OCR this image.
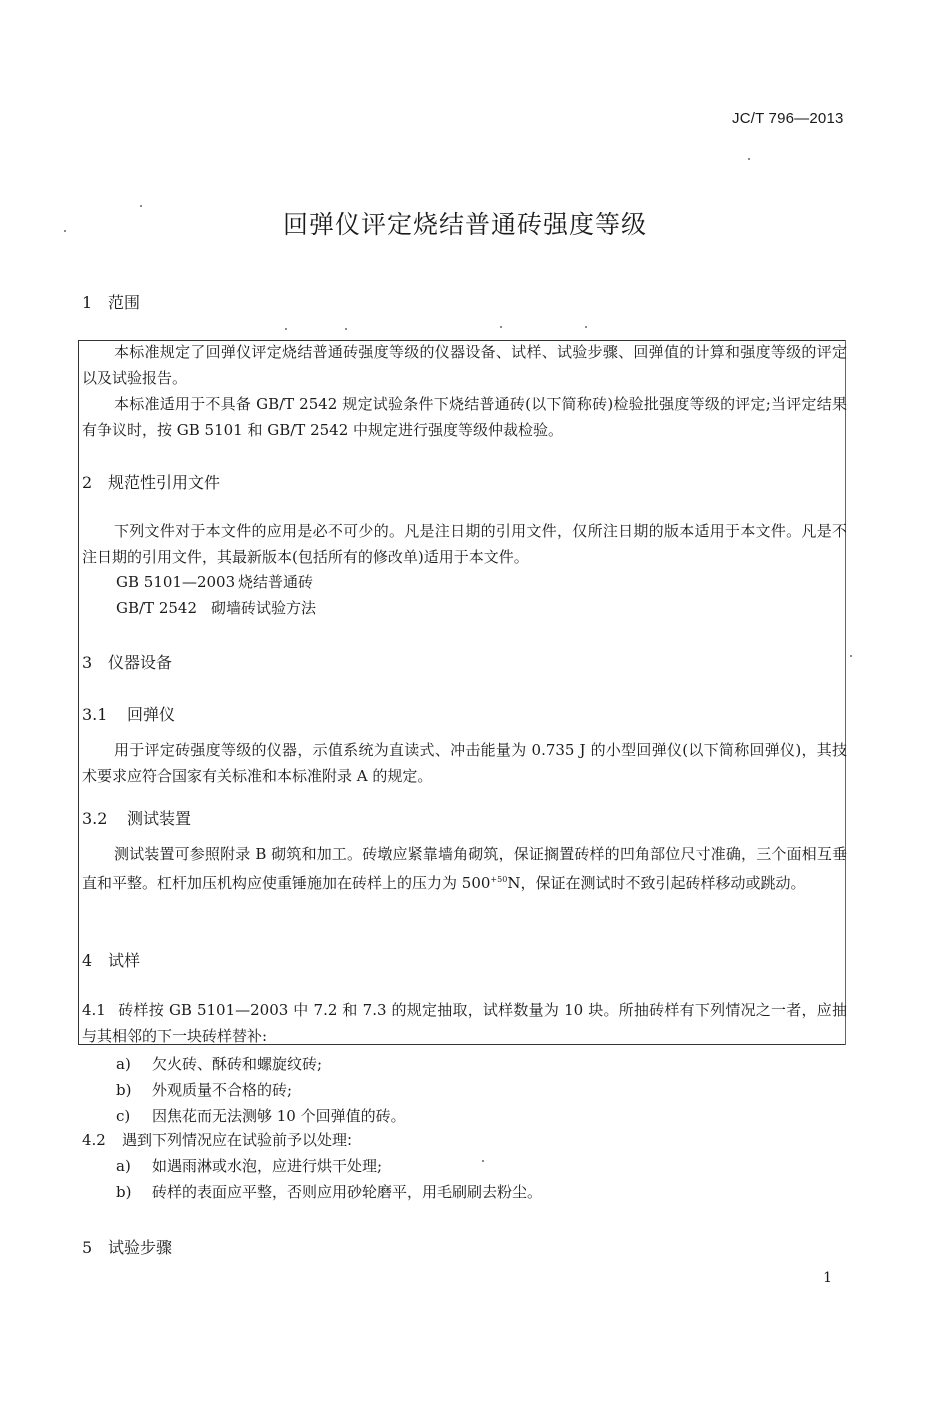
JC/T 796—2013
回弹仪评定烧结普通砖强度等级
1 范围
本标准规定了回弹仪评定烧结普通砖强度等级的仪器设备、试样、试验步骤、回弹值的计算和强度等级的评定以及试验报告。
本标准适用于不具备 GB/T 2542 规定试验条件下烧结普通砖(以下简称砖)检验批强度等级的评定;当评定结果有争议时，按 GB 5101 和 GB/T 2542 中规定进行强度等级仲裁检验。
2 规范性引用文件
下列文件对于本文件的应用是必不可少的。凡是注日期的引用文件，仅所注日期的版本适用于本文件。凡是不注日期的引用文件，其最新版本(包括所有的修改单)适用于本文件。
GB 5101—2003 烧结普通砖
GB/T 2542 砌墙砖试验方法
3 仪器设备
3.1 回弹仪
用于评定砖强度等级的仪器，示值系统为直读式、冲击能量为 0.735 J 的小型回弹仪(以下简称回弹仪)，其技术要求应符合国家有关标准和本标准附录 A 的规定。
3.2 测试装置
测试装置可参照附录 B 砌筑和加工。砖墩应紧靠墙角砌筑，保证搁置砖样的凹角部位尺寸准确，三个面相互垂直和平整。杠杆加压机构应使重锤施加在砖样上的压力为 $500^{+50}N$，保证在测试时不致引起砖样移动或跳动。
4 试样
4.1 砖样按 GB 5101—2003 中 7.2 和 7.3 的规定抽取，试样数量为 10 块。所抽砖样有下列情况之一者，应抽与其相邻的下一块砖样替补:
a) 欠火砖、酥砖和螺旋纹砖;
b) 外观质量不合格的砖;
c) 因焦花而无法测够 10 个回弹值的砖。
4.2 遇到下列情况应在试验前予以处理:
a) 如遇雨淋或水泡，应进行烘干处理;
b) 砖样的表面应平整，否则应用砂轮磨平，用毛刷刷去粉尘。
5 试验步骤
1
